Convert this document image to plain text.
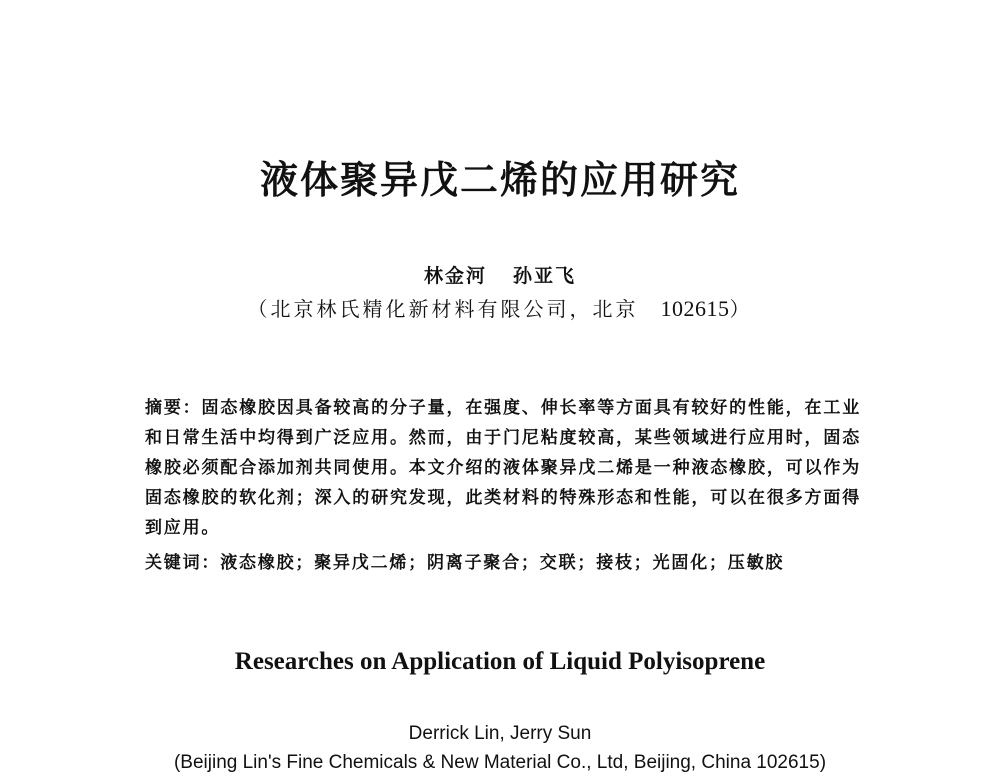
液体聚异戊二烯的应用研究
林金河 孙亚飞
（北京林氏精化新材料有限公司，北京 102615）
摘要：固态橡胶因具备较高的分子量，在强度、伸长率等方面具有较好的性能，在工业和日常生活中均得到广泛应用。然而，由于门尼粘度较高，某些领域进行应用时，固态橡胶必须配合添加剂共同使用。本文介绍的液体聚异戊二烯是一种液态橡胶，可以作为固态橡胶的软化剂；深入的研究发现，此类材料的特殊形态和性能，可以在很多方面得到应用。
关键词：液态橡胶；聚异戊二烯；阴离子聚合；交联；接枝；光固化；压敏胶
Researches on Application of Liquid Polyisoprene
Derrick Lin, Jerry Sun
(Beijing Lin's Fine Chemicals & New Material Co., Ltd, Beijing, China 102615)
